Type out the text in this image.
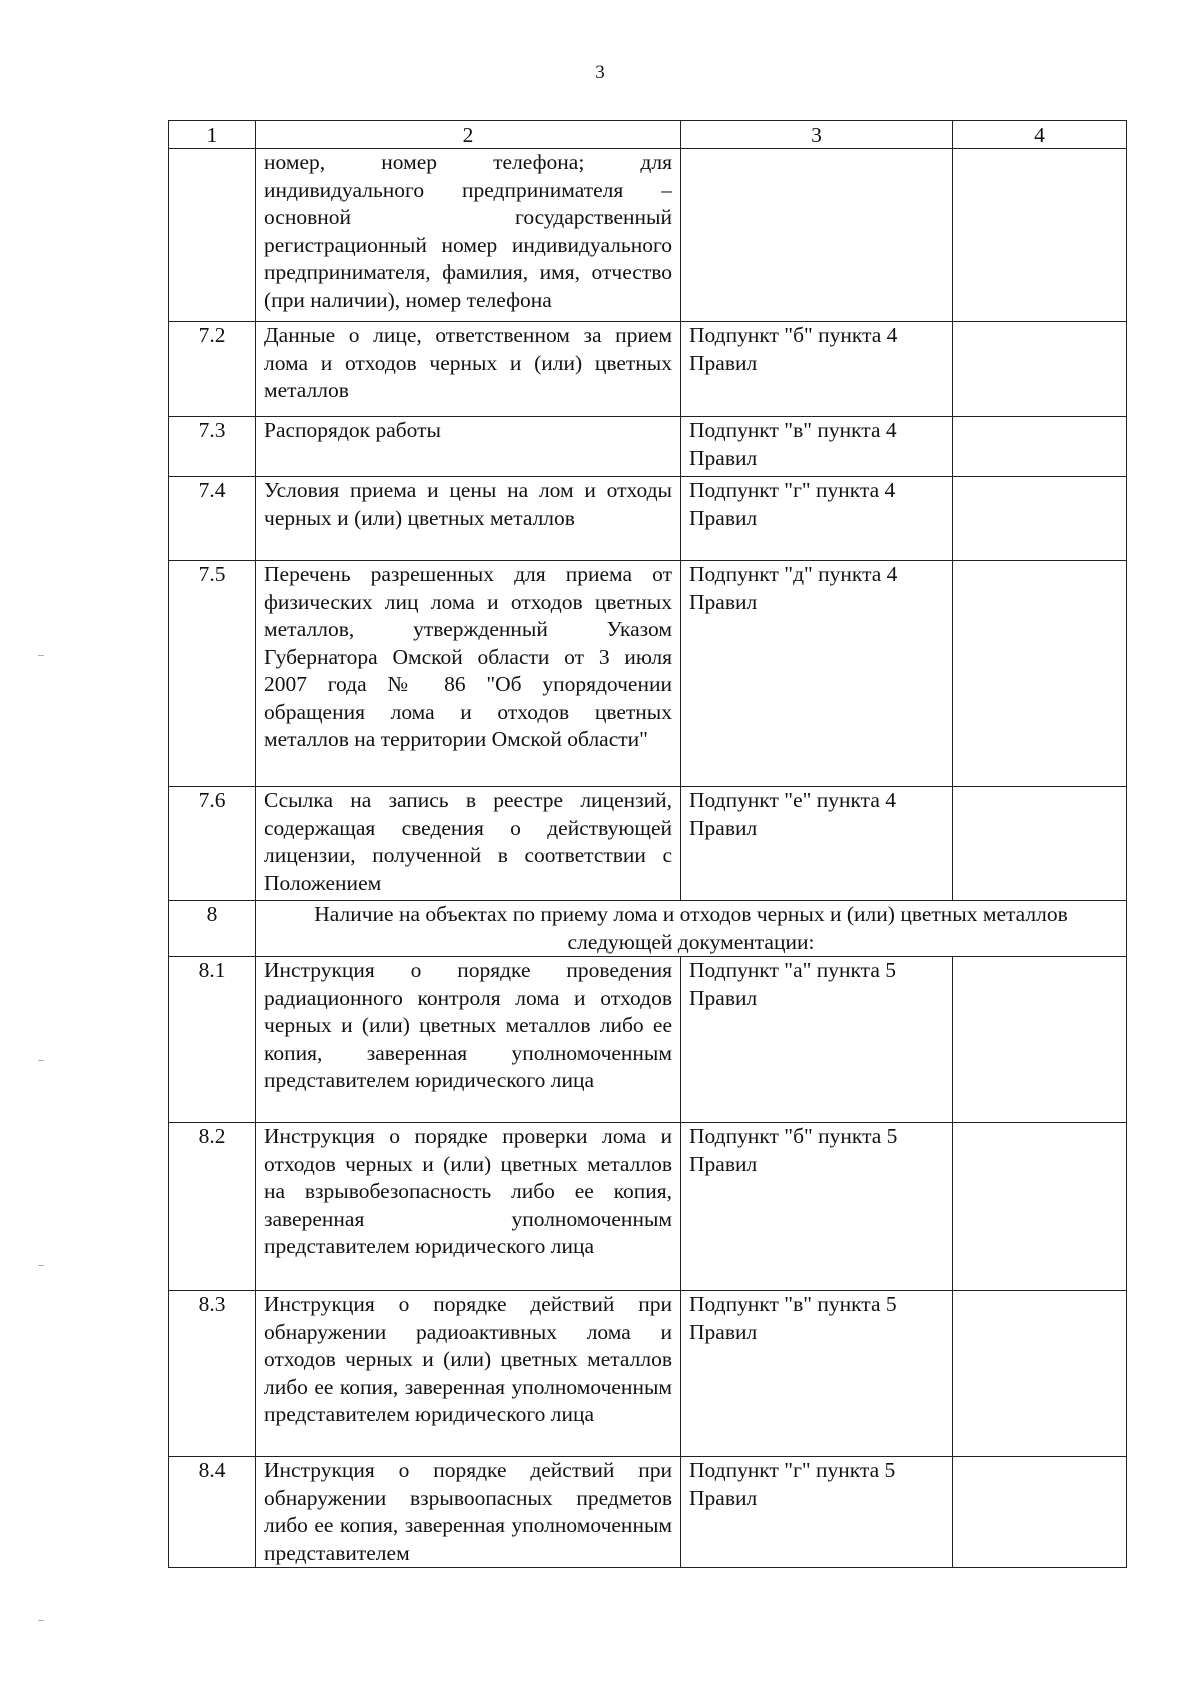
3
1	2	3	4
	номер, номер телефона; для индивидуального предпринимателя – основной государственный регистрационный номер индивидуального предпринимателя, фамилия, имя, отчество (при наличии), номер телефона		
7.2	Данные о лице, ответственном за прием лома и отходов черных и (или) цветных металлов	Подпункт "б" пункта 4 Правил	
7.3	Распорядок работы	Подпункт "в" пункта 4 Правил	
7.4	Условия приема и цены на лом и отходы черных и (или) цветных металлов	Подпункт "г" пункта 4 Правил	
7.5	Перечень разрешенных для приема от физических лиц лома и отходов цветных металлов, утвержденный Указом Губернатора Омской области от 3 июля 2007 года № 86 "Об упорядочении обращения лома и отходов цветных металлов на территории Омской области"	Подпункт "д" пункта 4 Правил	
7.6	Ссылка на запись в реестре лицензий, содержащая сведения о действующей лицензии, полученной в соответствии с Положением	Подпункт "е" пункта 4 Правил	
8	Наличие на объектах по приему лома и отходов черных и (или) цветных металлов следующей документации:		
8.1	Инструкция о порядке проведения радиационного контроля лома и отходов черных и (или) цветных металлов либо ее копия, заверенная уполномоченным представителем юридического лица	Подпункт "а" пункта 5 Правил	
8.2	Инструкция о порядке проверки лома и отходов черных и (или) цветных металлов на взрывобезопасность либо ее копия, заверенная уполномоченным представителем юридического лица	Подпункт "б" пункта 5 Правил	
8.3	Инструкция о порядке действий при обнаружении радиоактивных лома и отходов черных и (или) цветных металлов либо ее копия, заверенная уполномоченным представителем юридического лица	Подпункт "в" пункта 5 Правил	
8.4	Инструкция о порядке действий при обнаружении взрывоопасных предметов либо ее копия, заверенная уполномоченным представителем	Подпункт "г" пункта 5 Правил	
